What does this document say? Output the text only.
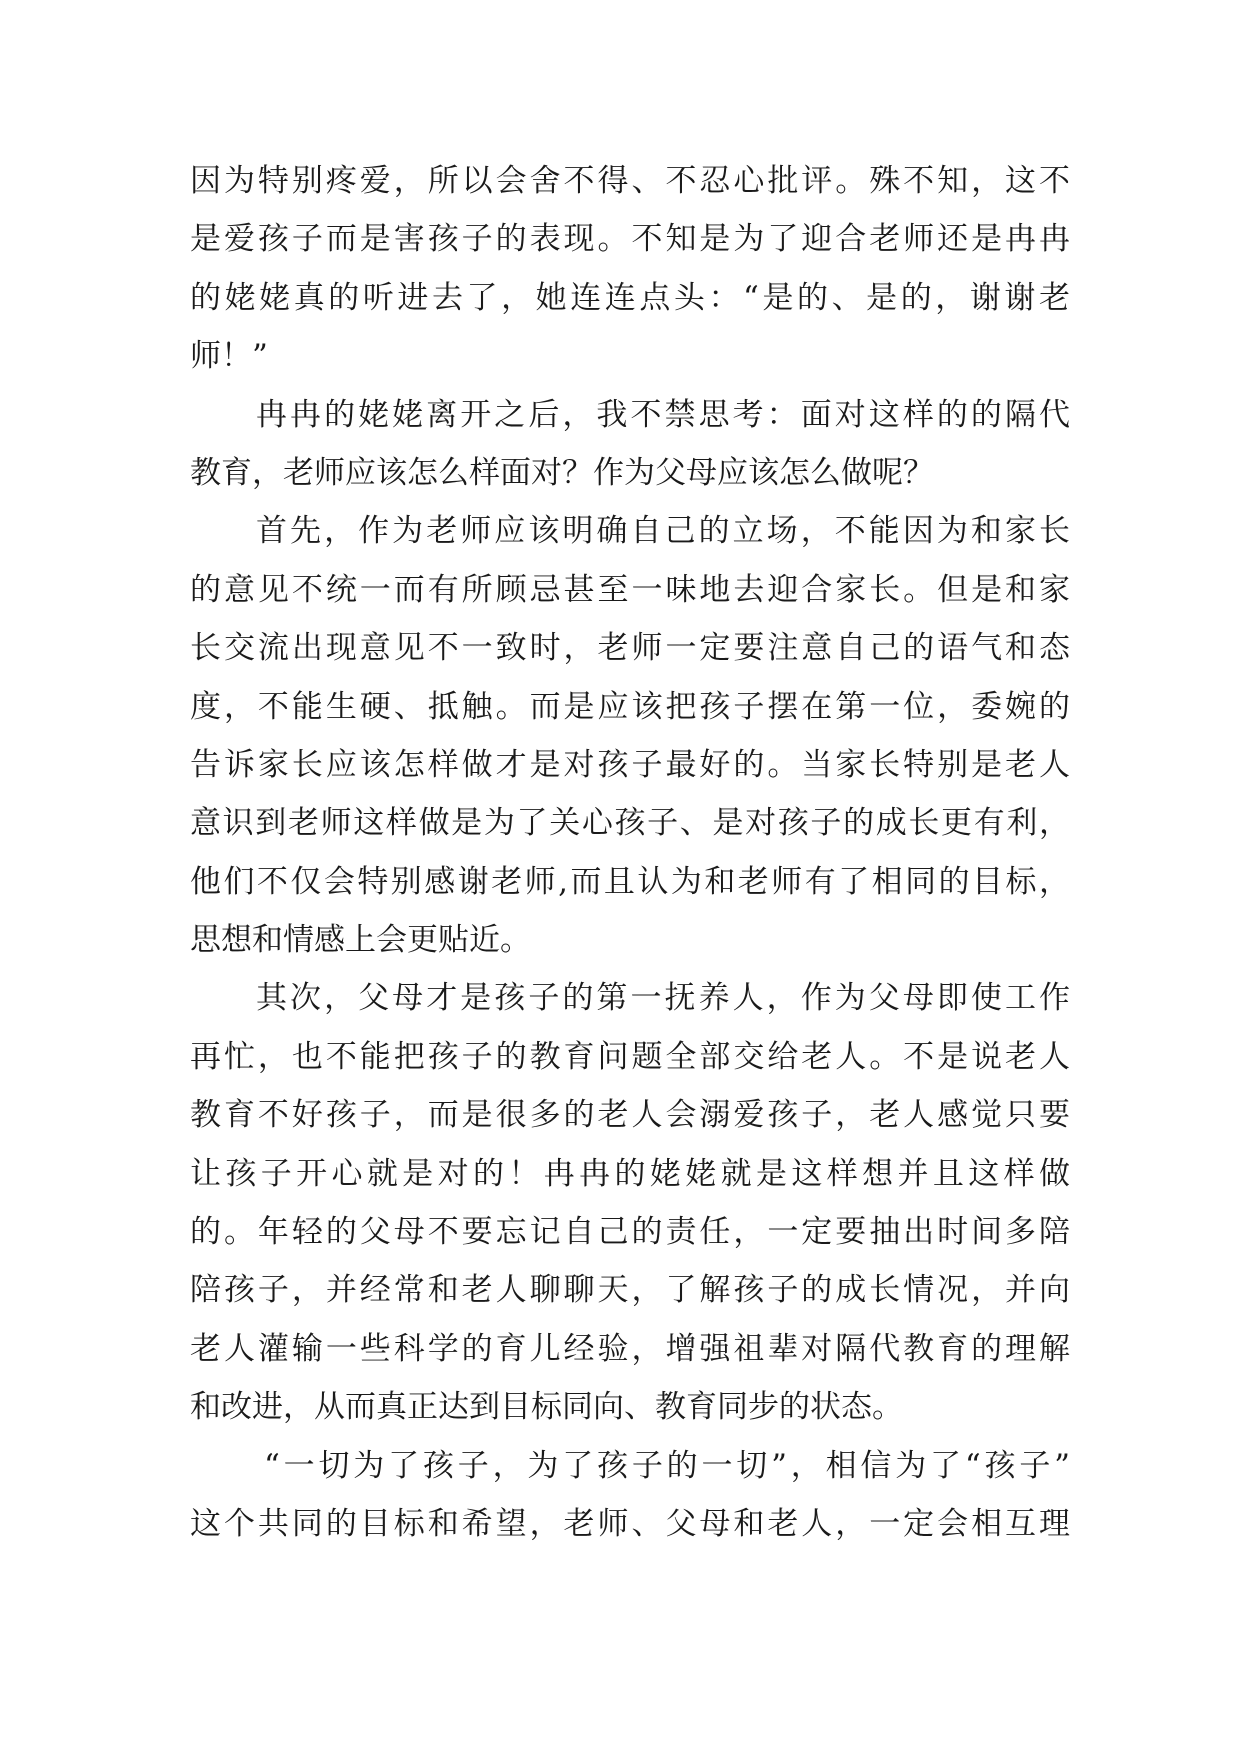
因为特别疼爱，所以会舍不得、不忍心批评。殊不知，这不
是爱孩子而是害孩子的表现。不知是为了迎合老师还是冉冉
的姥姥真的听进去了，她连连点头：“是的、是的，谢谢老
师！”
冉冉的姥姥离开之后，我不禁思考：面对这样的的隔代
教育，老师应该怎么样面对？作为父母应该怎么做呢？
首先，作为老师应该明确自己的立场，不能因为和家长
的意见不统一而有所顾忌甚至一味地去迎合家长。但是和家
长交流出现意见不一致时，老师一定要注意自己的语气和态
度，不能生硬、抵触。而是应该把孩子摆在第一位，委婉的
告诉家长应该怎样做才是对孩子最好的。当家长特别是老人
意识到老师这样做是为了关心孩子、是对孩子的成长更有利，
他们不仅会特别感谢老师,而且认为和老师有了相同的目标，
思想和情感上会更贴近。
其次，父母才是孩子的第一抚养人，作为父母即使工作
再忙，也不能把孩子的教育问题全部交给老人。不是说老人
教育不好孩子，而是很多的老人会溺爱孩子，老人感觉只要
让孩子开心就是对的！冉冉的姥姥就是这样想并且这样做
的。年轻的父母不要忘记自己的责任，一定要抽出时间多陪
陪孩子，并经常和老人聊聊天，了解孩子的成长情况，并向
老人灌输一些科学的育儿经验，增强祖辈对隔代教育的理解
和改进，从而真正达到目标同向、教育同步的状态。
“一切为了孩子，为了孩子的一切”，相信为了“孩子”
这个共同的目标和希望，老师、父母和老人，一定会相互理
